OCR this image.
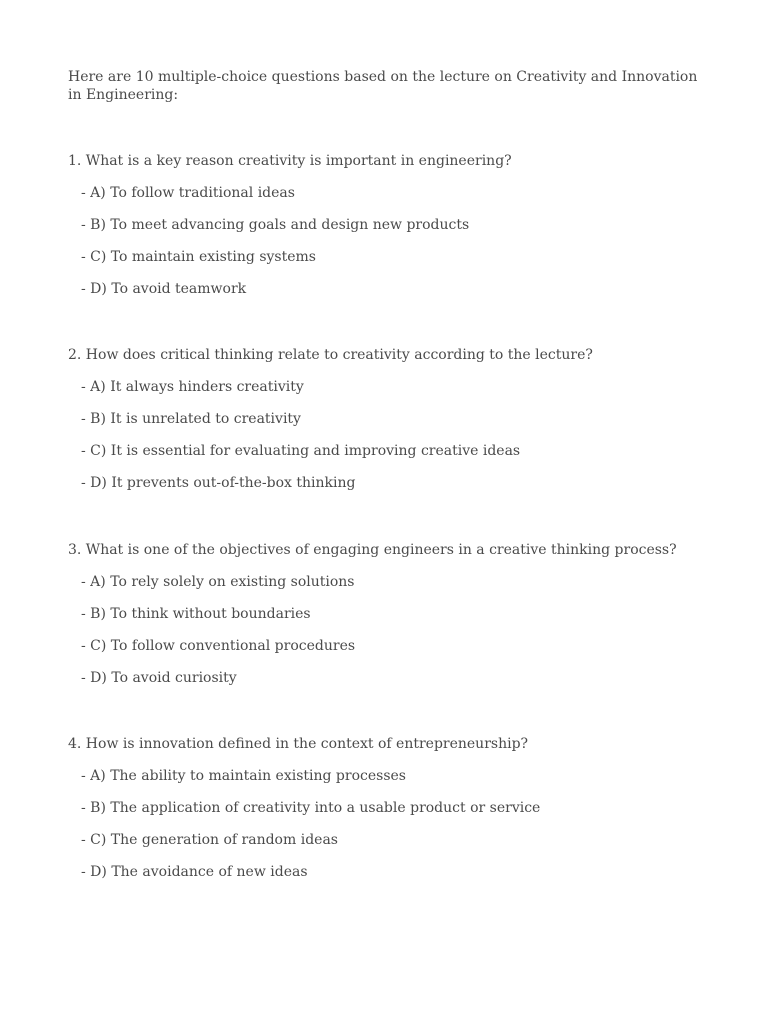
Here are 10 multiple-choice questions based on the lecture on Creativity and Innovation in Engineering:

1. What is a key reason creativity is important in engineering?

- A) To follow traditional ideas

- B) To meet advancing goals and design new products

- C) To maintain existing systems

- D) To avoid teamwork

2. How does critical thinking relate to creativity according to the lecture?

- A) It always hinders creativity

- B) It is unrelated to creativity

- C) It is essential for evaluating and improving creative ideas

- D) It prevents out-of-the-box thinking

3. What is one of the objectives of engaging engineers in a creative thinking process?

- A) To rely solely on existing solutions

- B) To think without boundaries

- C) To follow conventional procedures

- D) To avoid curiosity

4. How is innovation defined in the context of entrepreneurship?

- A) The ability to maintain existing processes

- B) The application of creativity into a usable product or service

- C) The generation of random ideas

- D) The avoidance of new ideas
